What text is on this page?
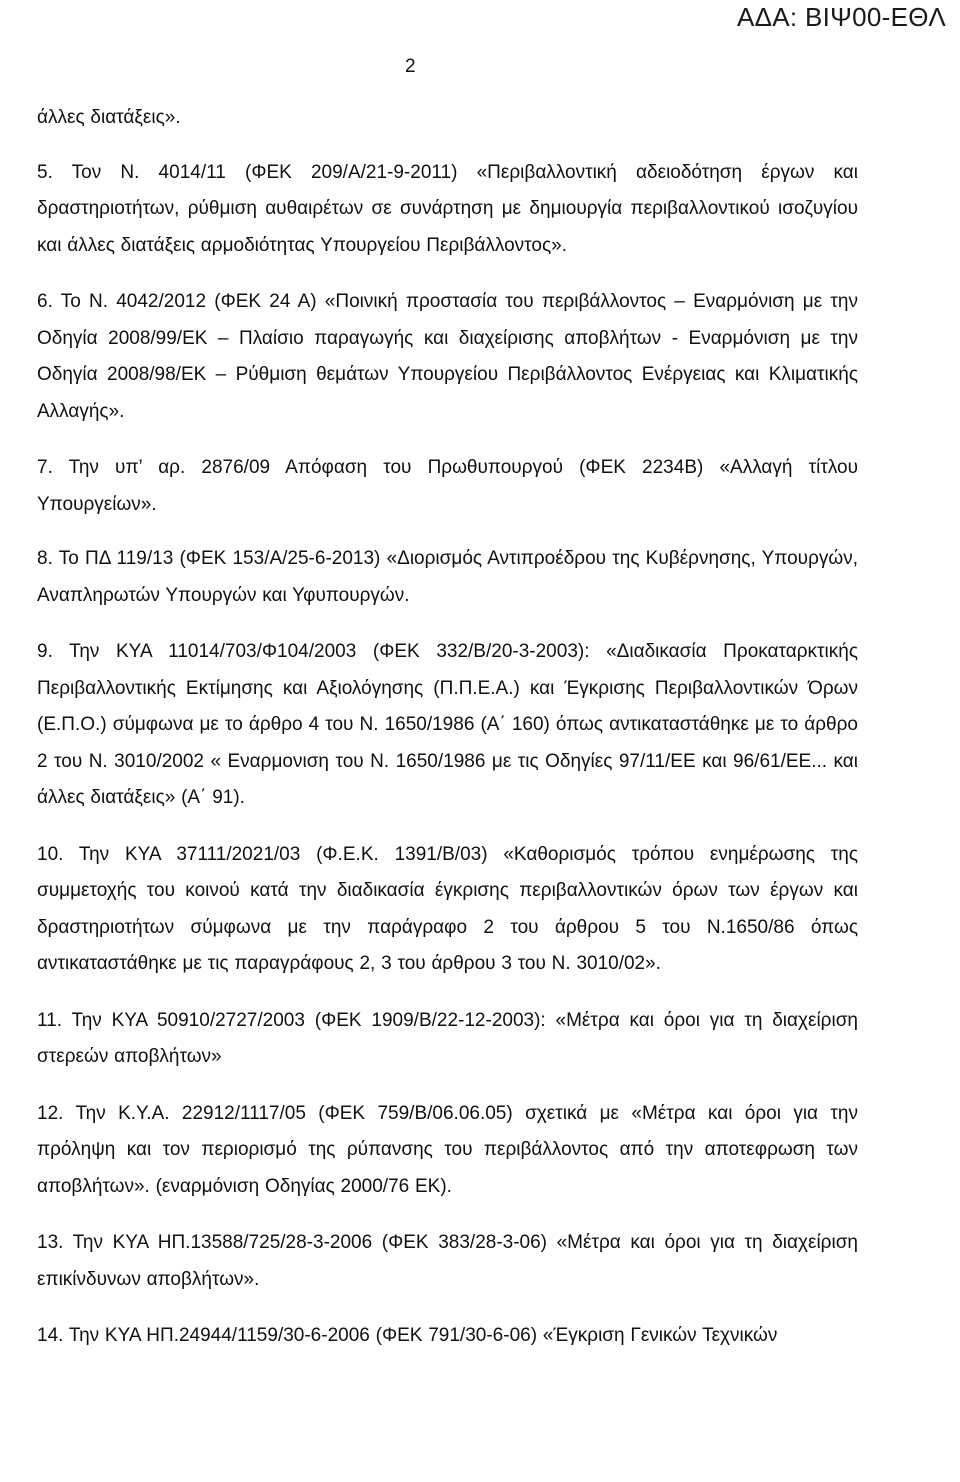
ΑΔΑ: ΒΙΨ00-ΕΘΛ
2

άλλες διατάξεις».

5. Τον Ν. 4014/11 (ΦΕΚ 209/Α/21-9-2011) «Περιβαλλοντική αδειοδότηση έργων και δραστηριοτήτων, ρύθμιση αυθαιρέτων σε συνάρτηση με δημιουργία περιβαλλοντικού ισοζυγίου και άλλες διατάξεις αρμοδιότητας Υπουργείου Περιβάλλοντος».

6. Το Ν. 4042/2012 (ΦΕΚ 24 Α) «Ποινική προστασία του περιβάλλοντος – Εναρμόνιση με την Οδηγία 2008/99/ΕΚ – Πλαίσιο παραγωγής και διαχείρισης αποβλήτων - Εναρμόνιση με την Οδηγία 2008/98/ΕΚ – Ρύθμιση θεμάτων Υπουργείου Περιβάλλοντος Ενέργειας και Κλιματικής Αλλαγής».

7. Την υπ’ αρ. 2876/09 Απόφαση του Πρωθυπουργού (ΦΕΚ 2234Β) «Αλλαγή τίτλου Υπουργείων».

8. Το ΠΔ 119/13 (ΦΕΚ 153/Α/25-6-2013) «Διορισμός Αντιπροέδρου της Κυβέρνησης, Υπουργών, Αναπληρωτών Υπουργών και Υφυπουργών.

9. Την ΚΥΑ 11014/703/Φ104/2003 (ΦΕΚ 332/Β/20-3-2003): «Διαδικασία Προκαταρκτικής Περιβαλλοντικής Εκτίμησης και Αξιολόγησης (Π.Π.Ε.Α.) και Έγκρισης Περιβαλλοντικών Όρων (Ε.Π.Ο.) σύμφωνα με το άρθρο 4 του Ν. 1650/1986 (Α΄ 160) όπως αντικαταστάθηκε με το άρθρο 2 του Ν. 3010/2002 « Εναρμονιση του Ν. 1650/1986 με τις Οδηγίες 97/11/ΕΕ και 96/61/ΕΕ... και άλλες διατάξεις» (Α΄ 91).

10. Την ΚΥΑ 37111/2021/03 (Φ.Ε.Κ. 1391/Β/03) «Καθορισμός τρόπου ενημέρωσης της συμμετοχής του κοινού κατά την διαδικασία έγκρισης περιβαλλοντικών όρων των έργων και δραστηριοτήτων σύμφωνα με την παράγραφο 2 του άρθρου 5 του Ν.1650/86 όπως αντικαταστάθηκε με τις παραγράφους 2, 3 του άρθρου 3 του Ν. 3010/02».

11. Την ΚΥΑ 50910/2727/2003 (ΦΕΚ 1909/Β/22-12-2003): «Μέτρα και όροι για τη διαχείριση στερεών αποβλήτων»

12. Την Κ.Υ.Α. 22912/1117/05 (ΦΕΚ 759/Β/06.06.05) σχετικά με «Μέτρα και όροι για την πρόληψη και τον περιορισμό της ρύπανσης του περιβάλλοντος από την αποτεφρωση των αποβλήτων». (εναρμόνιση Οδηγίας 2000/76 ΕΚ).

13. Την ΚΥΑ ΗΠ.13588/725/28-3-2006 (ΦΕΚ 383/28-3-06) «Μέτρα και όροι για τη διαχείριση επικίνδυνων αποβλήτων».

14. Την ΚΥΑ ΗΠ.24944/1159/30-6-2006 (ΦΕΚ 791/30-6-06) «Έγκριση Γενικών Τεχνικών
